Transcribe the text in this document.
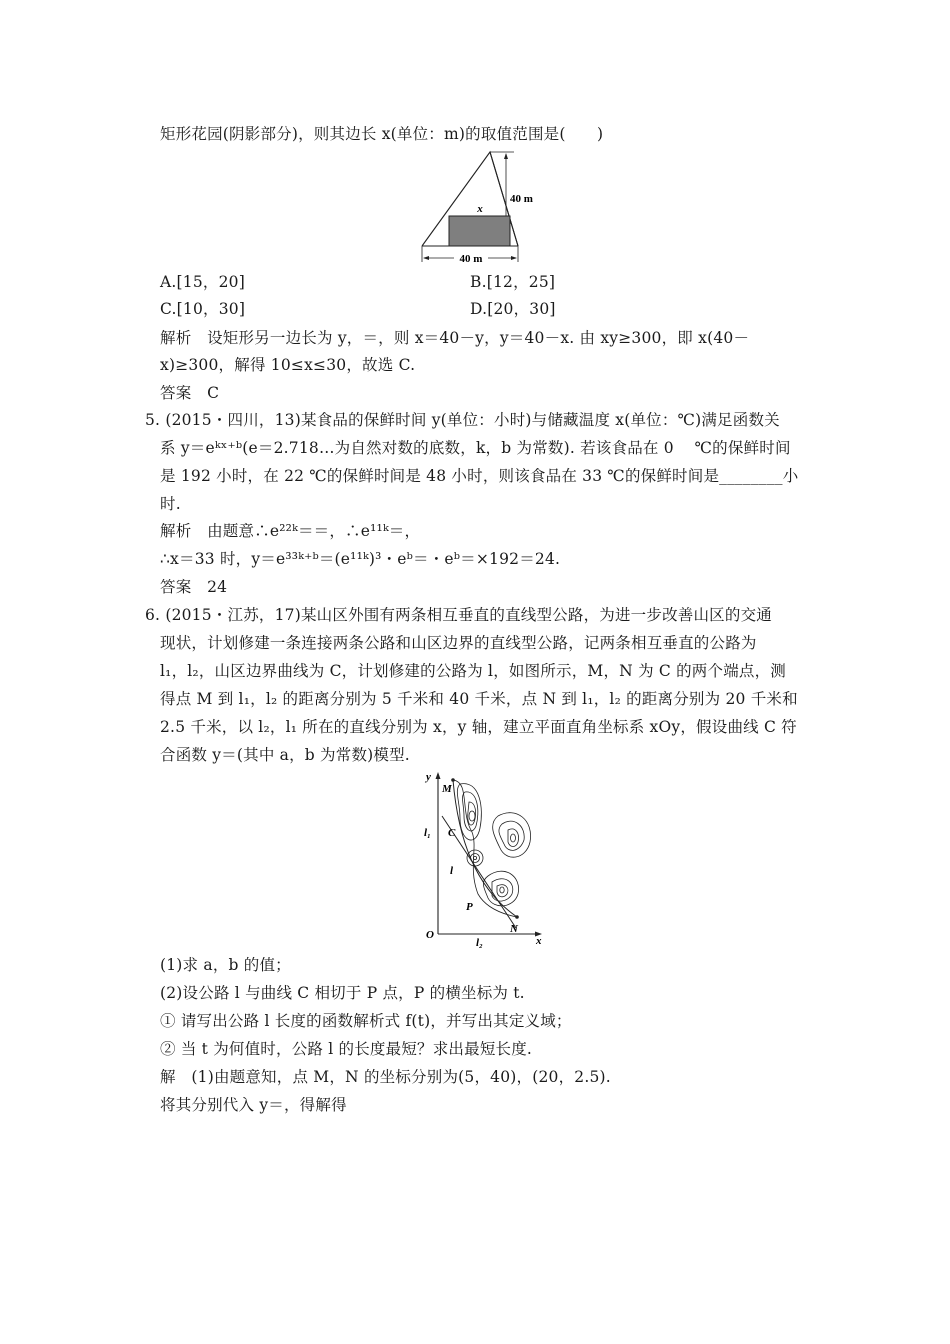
矩形花园(阴影部分)，则其边长 x(单位：m)的取值范围是(　　)
40 m
40 m
x
A.[15，20]	B.[12，25]
C.[10，30]	D.[20，30]
解析　设矩形另一边长为 y，＝，则 x＝40－y，y＝40－x. 由 xy≥300，即 x(40－
x)≥300，解得 10≤x≤30，故选 C.
答案　C
5. (2015・四川，13)某食品的保鲜时间 y(单位：小时)与储藏温度 x(单位：℃)满足函数关
系 y＝eᵏˣ⁺ᵇ(e＝2.718…为自然对数的底数，k，b 为常数). 若该食品在 0　 ℃的保鲜时间
是 192 小时，在 22 ℃的保鲜时间是 48 小时，则该食品在 33 ℃的保鲜时间是________小
时.
解析　由题意∴e²²ᵏ＝＝，∴e¹¹ᵏ＝，
∴x＝33 时，y＝e³³ᵏ⁺ᵇ＝(e¹¹ᵏ)³・eᵇ＝・eᵇ＝×192＝24.
答案　24
6. (2015・江苏，17)某山区外围有两条相互垂直的直线型公路，为进一步改善山区的交通
现状，计划修建一条连接两条公路和山区边界的直线型公路，记两条相互垂直的公路为
l₁，l₂，山区边界曲线为 C，计划修建的公路为 l，如图所示，M，N 为 C 的两个端点，测
得点 M 到 l₁，l₂ 的距离分别为 5 千米和 40 千米，点 N 到 l₁，l₂ 的距离分别为 20 千米和
2.5 千米，以 l₂，l₁ 所在的直线分别为 x，y 轴，建立平面直角坐标系 xOy，假设曲线 C 符
合函数 y＝(其中 a，b 为常数)模型.
y
x
O
l₁
l₂
M
N
C
l
P
(1)求 a，b 的值；
(2)设公路 l 与曲线 C 相切于 P 点，P 的横坐标为 t.
① 请写出公路 l 长度的函数解析式 f(t)，并写出其定义域；
② 当 t 为何值时，公路 l 的长度最短？求出最短长度.
解　(1)由题意知，点 M，N 的坐标分别为(5，40)，(20，2.5).
将其分别代入 y＝，得解得
